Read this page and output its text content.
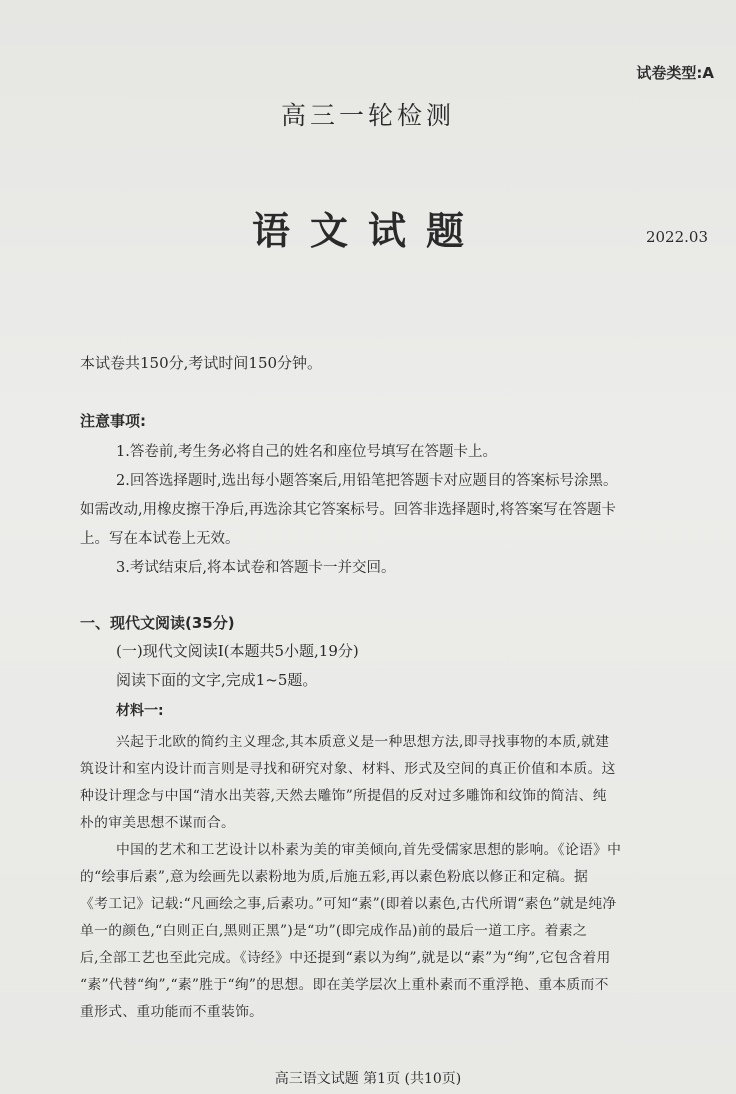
试卷类型:A
高三一轮检测
语文试题	2022.03
本试卷共150分,考试时间150分钟。
注意事项:
1.答卷前,考生务必将自己的姓名和座位号填写在答题卡上。
2.回答选择题时,选出每小题答案后,用铅笔把答题卡对应题目的答案标号涂黑。
如需改动,用橡皮擦干净后,再选涂其它答案标号。回答非选择题时,将答案写在答题卡
上。写在本试卷上无效。
3.考试结束后,将本试卷和答题卡一并交回。
一、现代文阅读(35分)
(一)现代文阅读Ⅰ(本题共5小题,19分)
阅读下面的文字,完成1~5题。
材料一:
兴起于北欧的简约主义理念,其本质意义是一种思想方法,即寻找事物的本质,就建
筑设计和室内设计而言则是寻找和研究对象、材料、形式及空间的真正价值和本质。这
种设计理念与中国“清水出芙蓉,天然去雕饰”所提倡的反对过多雕饰和纹饰的简洁、纯
朴的审美思想不谋而合。
中国的艺术和工艺设计以朴素为美的审美倾向,首先受儒家思想的影响。《论语》中
的“绘事后素”,意为绘画先以素粉地为质,后施五彩,再以素色粉底以修正和定稿。据
《考工记》记载:“凡画绘之事,后素功。”可知“素”(即着以素色,古代所谓“素色”就是纯净
单一的颜色,“白则正白,黑则正黑”)是“功”(即完成作品)前的最后一道工序。着素之
后,全部工艺也至此完成。《诗经》中还提到“素以为绚”,就是以“素”为“绚”,它包含着用
“素”代替“绚”,“素”胜于“绚”的思想。即在美学层次上重朴素而不重浮艳、重本质而不
重形式、重功能而不重装饰。
高三语文试题 第1页 (共10页)
